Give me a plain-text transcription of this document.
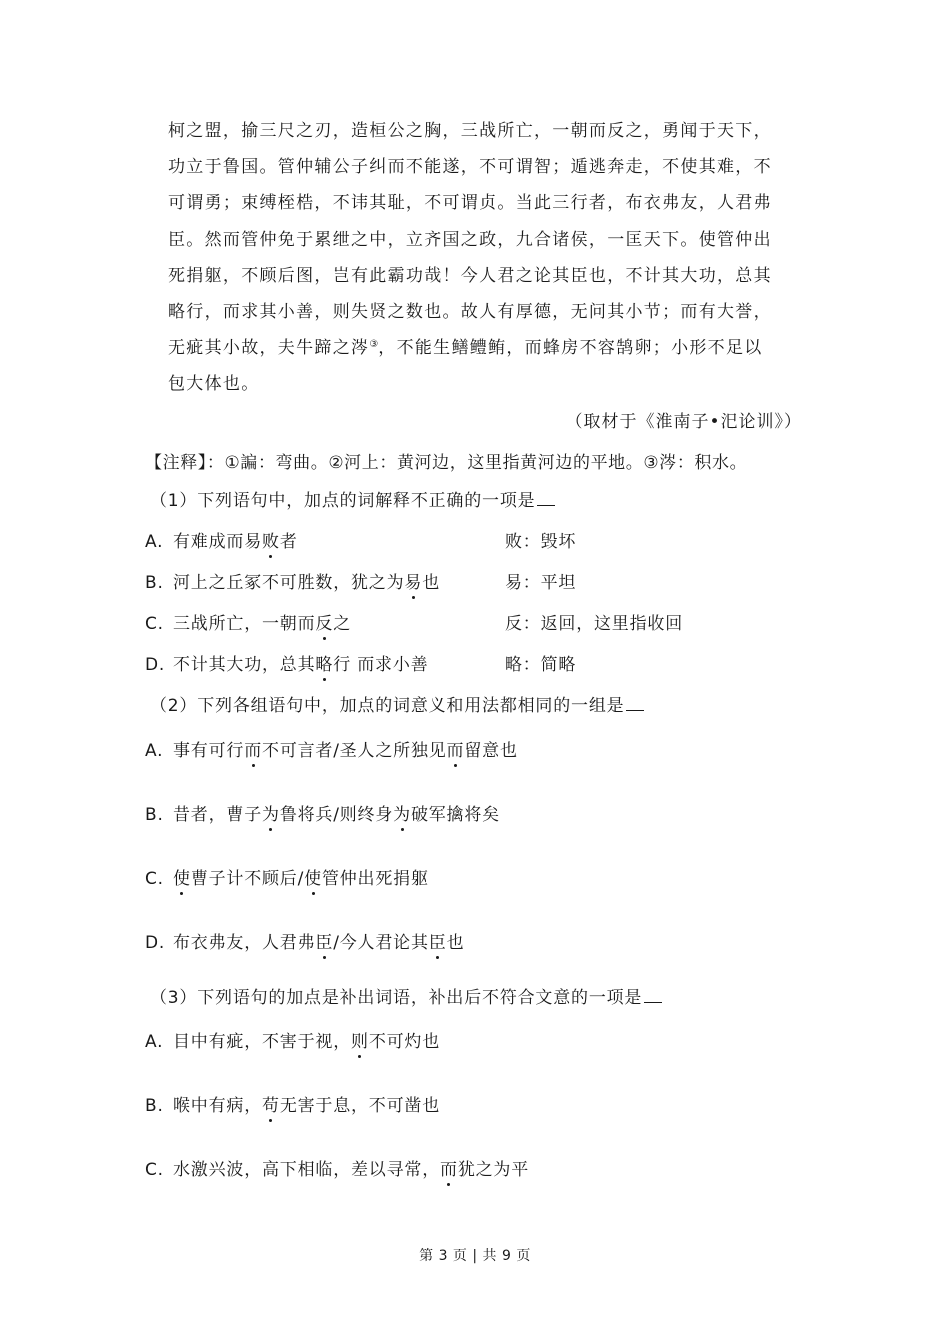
柯之盟，揄三尺之刃，造桓公之胸，三战所亡，一朝而反之，勇闻于天下，
功立于鲁国。管仲辅公子纠而不能遂，不可谓智；遁逃奔走，不使其难，不
可谓勇；束缚桎梏，不讳其耻，不可谓贞。当此三行者，布衣弗友，人君弗
臣。然而管仲免于累绁之中，立齐国之政，九合诸侯，一匡天下。使管仲出
死捐躯，不顾后图，岂有此霸功哉！今人君之论其臣也，不计其大功，总其
略行，而求其小善，则失贤之数也。故人有厚德，无问其小节；而有大誉，
无疵其小故，夫牛蹄之涔③，不能生鳝鳢鲔，而蜂房不容鹄卵；小形不足以
包大体也。
（取材于《淮南子•汜论训》）
【注释】：①諞：弯曲。②河上：黄河边，这里指黄河边的平地。③涔：积水。
（1）下列语句中，加点的词解释不正确的一项是
A. 有难成而易败者	败：毁坏
B. 河上之丘冢不可胜数，犹之为易也	易：平坦
C. 三战所亡，一朝而反之	反：返回，这里指收回
D. 不计其大功，总其略行 而求小善	略：简略
（2）下列各组语句中，加点的词意义和用法都相同的一组是
A. 事有可行而不可言者/圣人之所独见而留意也
B. 昔者，曹子为鲁将兵/则终身为破军擒将矣
C. 使曹子计不顾后/使管仲出死捐躯
D. 布衣弗友，人君弗臣/今人君论其臣也
（3）下列语句的加点是补出词语，补出后不符合文意的一项是
A. 目中有疵，不害于视，则不可灼也
B. 喉中有病，苟无害于息，不可凿也
C. 水激兴波，高下相临，差以寻常，而犹之为平
第 3 页 | 共 9 页
